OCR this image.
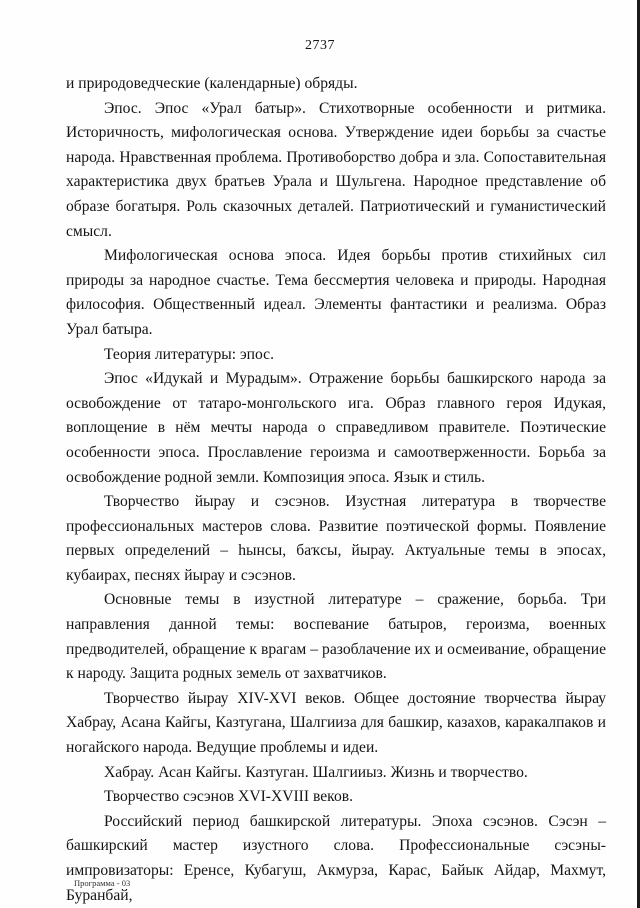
2737

и природоведческие (календарные) обряды.

Эпос. Эпос «Урал батыр». Стихотворные особенности и ритмика. Историчность, мифологическая основа. Утверждение идеи борьбы за счастье народа. Нравственная проблема. Противоборство добра и зла. Сопоставительная характеристика двух братьев Урала и Шульгена. Народное представление об образе богатыря. Роль сказочных деталей. Патриотический и гуманистический смысл.

Мифологическая основа эпоса. Идея борьбы против стихийных сил природы за народное счастье. Тема бессмертия человека и природы. Народная философия. Общественный идеал. Элементы фантастики и реализма. Образ Урал батыра.

Теория литературы: эпос.

Эпос «Идукай и Мурадым». Отражение борьбы башкирского народа за освобождение от татаро-монгольского ига. Образ главного героя Идукая, воплощение в нём мечты народа о справедливом правителе. Поэтические особенности эпоса. Прославление героизма и самоотверженности. Борьба за освобождение родной земли. Композиция эпоса. Язык и стиль.

Творчество йырау и сэсэнов. Изустная литература в творчестве профессиональных мастеров слова. Развитие поэтической формы. Появление первых определений – һынсы, баҡсы, йырау. Актуальные темы в эпосах, кубаирах, песнях йырау и сэсэнов.

Основные темы в изустной литературе – сражение, борьба. Три направления данной темы: воспевание батыров, героизма, военных предводителей, обращение к врагам – разоблачение их и осмеивание, обращение к народу. Защита родных земель от захватчиков.

Творчество йырау XIV-XVI веков. Общее достояние творчества йырау Хабрау, Асана Кайгы, Казтугана, Шалгииза для башкир, казахов, каракалпаков и ногайского народа. Ведущие проблемы и идеи.

Хабрау. Асан Кайгы. Казтуган. Шалгииыз. Жизнь и творчество.

Творчество сэсэнов XVI-XVIII веков.

Российский период башкирской литературы. Эпоха сэсэнов. Сэсэн – башкирский мастер изустного слова. Профессиональные сэсэны-импровизаторы: Еренсе, Кубагуш, Акмурза, Карас, Байык Айдар, Махмут, Буранбай,

Программа - 03
